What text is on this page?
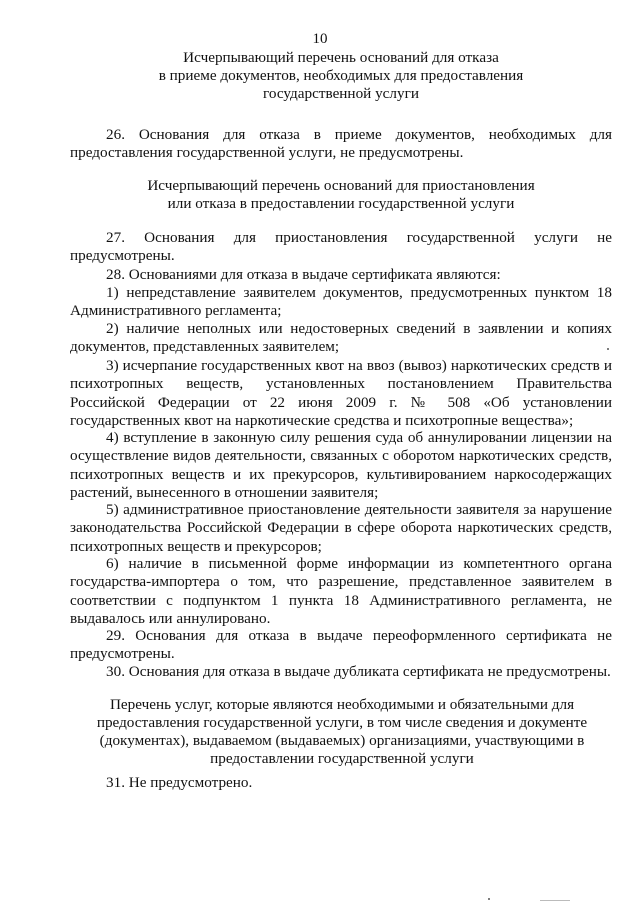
10
Исчерпывающий перечень оснований для отказа
в приеме документов, необходимых для предоставления
государственной услуги
26. Основания для отказа в приеме документов, необходимых для предоставления государственной услуги, не предусмотрены.
Исчерпывающий перечень оснований для приостановления
или отказа в предоставлении государственной услуги
27. Основания для приостановления государственной услуги не предусмотрены.
28. Основаниями для отказа в выдаче сертификата являются:
1) непредставление заявителем документов, предусмотренных пунктом 18 Административного регламента;
2) наличие неполных или недостоверных сведений в заявлении и копиях документов, представленных заявителем;
3) исчерпание государственных квот на ввоз (вывоз) наркотических средств и психотропных веществ, установленных постановлением Правительства Российской Федерации от 22 июня 2009 г. № 508 «Об установлении государственных квот на наркотические средства и психотропные вещества»;
4) вступление в законную силу решения суда об аннулировании лицензии на осуществление видов деятельности, связанных с оборотом наркотических средств, психотропных веществ и их прекурсоров, культивированием наркосодержащих растений, вынесенного в отношении заявителя;
5) административное приостановление деятельности заявителя за нарушение законодательства Российской Федерации в сфере оборота наркотических средств, психотропных веществ и прекурсоров;
6) наличие в письменной форме информации из компетентного органа государства-импортера о том, что разрешение, представленное заявителем в соответствии с подпунктом 1 пункта 18 Административного регламента, не выдавалось или аннулировано.
29. Основания для отказа в выдаче переоформленного сертификата не предусмотрены.
30. Основания для отказа в выдаче дубликата сертификата не предусмотрены.
Перечень услуг, которые являются необходимыми и обязательными для предоставления государственной услуги, в том числе сведения и документе (документах), выдаваемом (выдаваемых) организациями, участвующими в предоставлении государственной услуги
31. Не предусмотрено.
